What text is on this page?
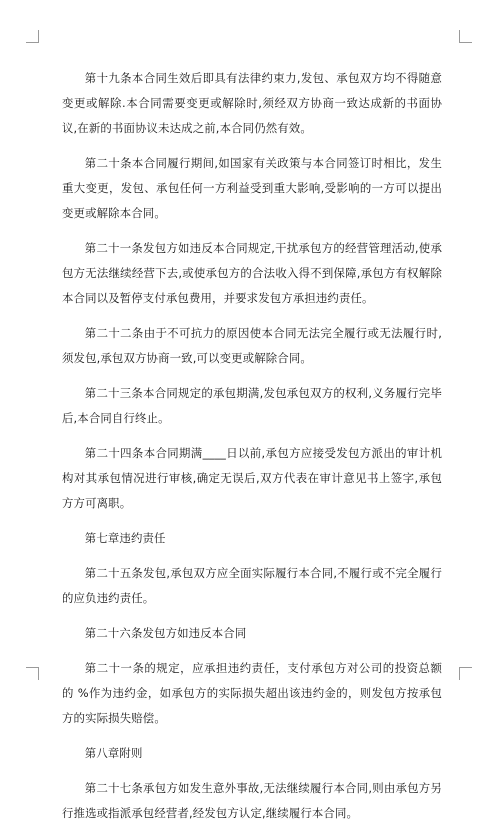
第十九条本合同生效后即具有法律约束力,发包、承包双方均不得随意变更或解除.本合同需要变更或解除时,须经双方协商一致达成新的书面协议,在新的书面协议未达成之前,本合同仍然有效。

第二十条本合同履行期间,如国家有关政策与本合同签订时相比，发生重大变更，发包、承包任何一方利益受到重大影响,受影响的一方可以提出变更或解除本合同。

第二十一条发包方如违反本合同规定,干扰承包方的经营管理活动,使承包方无法继续经营下去,或使承包方的合法收入得不到保障,承包方有权解除本合同以及暂停支付承包费用，并要求发包方承担违约责任。

第二十二条由于不可抗力的原因使本合同无法完全履行或无法履行时,须发包,承包双方协商一致,可以变更或解除合同。

第二十三条本合同规定的承包期满,发包承包双方的权利,义务履行完毕后,本合同自行终止。

第二十四条本合同期满____日以前,承包方应接受发包方派出的审计机构对其承包情况进行审核,确定无误后,双方代表在审计意见书上签字,承包方方可离职。

第七章违约责任

第二十五条发包,承包双方应全面实际履行本合同,不履行或不完全履行的应负违约责任。

第二十六条发包方如违反本合同

第二十一条的规定，应承担违约责任，支付承包方对公司的投资总额的 %作为违约金，如承包方的实际损失超出该违约金的，则发包方按承包方的实际损失赔偿。

第八章附则

第二十七条承包方如发生意外事故,无法继续履行本合同,则由承包方另行推选或指派承包经营者,经发包方认定,继续履行本合同。
